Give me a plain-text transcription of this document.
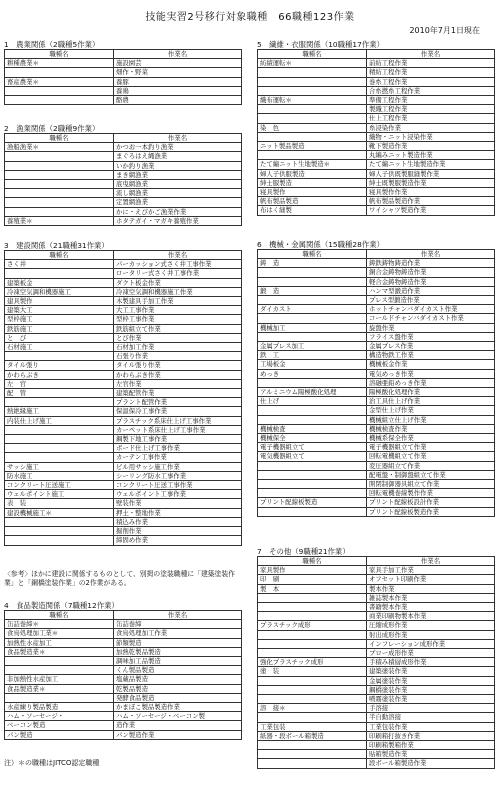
技能実習2号移行対象職種　66職種123作業
2010年7月1日現在
1　農業関係（2職種5作業）
職種名	作業名
耕種農業＊	施設園芸
	畑作・野菜
畜産農業＊	養豚
	養鶏
	酪農
2　漁業関係（2職種9作業）
職種名	作業名
漁船漁業＊	かつお一本釣り漁業
	まぐろはえ縄漁業
	いか釣り漁業
	まき網漁業
	底曳網漁業
	流し網漁業
	定置網漁業
	かに・えびかご漁業作業
養殖業＊	ホタテガイ・マガキ養殖作業
3　建設関係（21職種31作業）
職種名	作業名
さく井	パーカッション式さく井工事作業
	ロータリー式さく井工事作業
建築板金	ダクト板金作業
冷凍空気調和機器施工	冷凍空気調和機器施工作業
建具製作	木製建具手加工作業
建築大工	大工工事作業
型枠施工	型枠工事作業
鉄筋施工	鉄筋組立て作業
と　び	とび作業
石材施工	石材加工作業
	石張り作業
タイル張り	タイル張り作業
かわらぶき	かわらぶき作業
左　官	左官作業
配　管	建築配管作業
	プラント配管作業
熱絶縁施工	保温保冷工事作業
内装仕上げ施工	プラスチック系床仕上げ工事作業
	カーペット系床仕上げ工事作業
	鋼製下地工事作業
	ボード仕上げ工事作業
	カーテン工事作業
サッシ施工	ビル用サッシ施工作業
防水施工	シーリング防水工事作業
コンクリート圧送施工	コンクリート圧送工事作業
ウェルポイント施工	ウェルポイント工事作業
表　装	壁装作業
建設機械施工＊	押土・整地作業
	積込み作業
	掘削作業
	締固め作業
〈参考〉ほかに建設に関係するものとして、別掲の塗装職種に「建築塗装作業」と「鋼橋塗装作業」の2作業がある。
4　食品製造関係（7職種12作業）
職種名	作業名
缶詰巻締＊	缶詰巻締
食鳥処理加工業＊	食鳥処理加工作業
加熱性水産加工	節類製造
食品製造業＊	加熱乾製品製造
	調味加工品製造
	くん製品製造
非加熱性水産加工	塩蔵品製造
食品製造業＊	乾製品製造
	発酵食品製造
水産練り製品製造	かまぼこ製品製造作業
ハム・ソーセージ・	ハム・ソーセージ・ベーコン製
ベーコン製造	造作業
パン製造	パン製造作業
注）＊の職種はJITCO認定職種
5　繊維・衣服関係（10職種17作業）
職種名	作業名
紡績運転＊	前紡工程作業
	精紡工程作業
	巻糸工程作業
	合糸撚糸工程作業
織布運転＊	準備工程作業
	製織工程作業
	仕上工程作業
染　色	糸浸染作業
	織物・ニット浸染作業
ニット製品製造	靴下製造作業
	丸編みニット製造作業
たて編ニット生地製造＊	たて編ニット生地製造作業
婦人子供服製造	婦人子供既製服縫製作業
紳士服製造	紳士既製服製造作業
寝具製作	寝具製作作業
帆布製品製造	帆布製品製造作業
布はく縫製	ワイシャツ製造作業
6　機械・金属関係（15職種28作業）
職種名	作業名
鋳　造	鋳鉄鋳物鋳造作業
	銅合金鋳物鋳造作業
	軽合金鋳物鋳造作業
鍛　造	ハンマ型鍛造作業
	プレス型鍛造作業
ダイカスト	ホットチャンバダイカスト作業
	コールドチャンバダイカスト作業
機械加工	旋盤作業
	フライス盤作業
金属プレス加工	金属プレス作業
鉄　工	構造物鉄工作業
工場板金	機械板金作業
めっき	電気めっき作業
	溶融亜鉛めっき作業
アルミニウム陽極酸化処理	陽極酸化処理作業
仕上げ	治工具仕上げ作業
	金型仕上げ作業
	機械組立仕上げ作業
機械検査	機械検査作業
機械保全	機械系保全作業
電子機器組立て	電子機器組立て作業
電気機器組立て	回転電機組立て作業
	変圧器組立て作業
	配電盤・制御盤組立て作業
	開閉制御器具組立て作業
	回転電機巻線製作作業
プリント配線板製造	プリント配線板設計作業
	プリント配線板製造作業
7　その他（9職種21作業）
職種名	作業名
家具製作	家具手加工作業
印　刷	オフセット印刷作業
製　本	製本作業
	雑誌製本作業
	書籍製本作業
	商業印刷物製本作業
プラスチック成形	圧縮成形作業
	射出成形作業
	インフレーション成形作業
	ブロー成形作業
強化プラスチック成形	手積み積層成形作業
塗　装	建築塗装作業
	金属塗装作業
	鋼橋塗装作業
	噴霧塗装作業
溶　接＊	手溶接
	半自動溶接
工業包装	工業包装作業
紙器・段ボール箱製造	印刷箱打抜き作業
	印刷箱製箱作業
	貼箱製造作業
	段ボール箱製造作業
